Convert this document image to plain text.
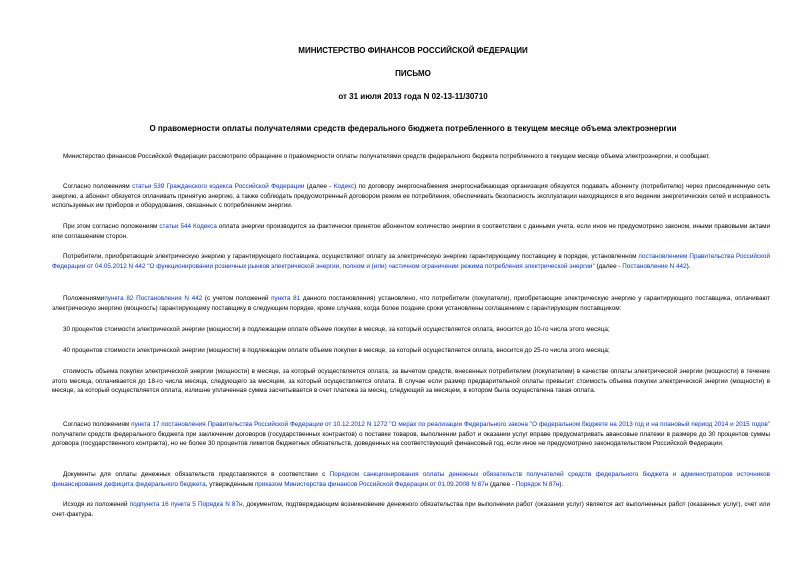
МИНИСТЕРСТВО ФИНАНСОВ РОССИЙСКОЙ ФЕДЕРАЦИИ
ПИСЬМО
от 31 июля 2013 года N 02-13-11/30710
О правомерности оплаты получателями средств федерального бюджета потребленного в текущем месяце объема электроэнергии

Министерство финансов Российской Федерации рассмотрело обращение о правомерности оплаты получателями средств федерального бюджета потребленного в текущем месяце объема электроэнергии, и сообщает.

Согласно положениям статьи 539 Гражданского кодекса Российской Федерации (далее - Кодекс) по договору энергоснабжения энергоснабжающая организация обязуется подавать абоненту (потребителю) через присоединенную сеть энергию, а абонент обязуется оплачивать принятую энергию, а также соблюдать предусмотренный договором режим ее потребления, обеспечивать безопасность эксплуатации находящихся в его ведении энергетических сетей и исправность используемых им приборов и оборудования, связанных с потреблением энергии.

При этом согласно положениям статьи 544 Кодекса оплата энергии производится за фактически принятое абонентом количество энергии в соответствии с данными учета, если иное не предусмотрено законом, иными правовыми актами или соглашением сторон.

Потребители, приобретающие электрическую энергию у гарантирующего поставщика, осуществляют оплату за электрическую энергию гарантирующему поставщику в порядке, установленном постановлением Правительства Российской Федерации от 04.05.2012 N 442 "О функционировании розничных рынков электрической энергии, полном и (или) частичном ограничении режима потребления электрической энергии" (далее - Постановление N 442).

Положениямипункта 82 Постановления N 442 (с учетом положений пункта 81 данного постановления) установлено, что потребители (покупатели), приобретающие электрическую энергию у гарантирующего поставщика, оплачивают электрическую энергию (мощность) гарантирующему поставщику в следующем порядке, кроме случаев, когда более поздние сроки установлены соглашением с гарантирующим поставщиком:

30 процентов стоимости электрической энергии (мощности) в подлежащем оплате объеме покупки в месяце, за который осуществляется оплата, вносится до 10-го числа этого месяца;

40 процентов стоимости электрической энергии (мощности) в подлежащем оплате объеме покупки в месяце, за который осуществляется оплата, вносится до 25-го числа этого месяца;

стоимость объема покупки электрической энергии (мощности) в месяце, за который осуществляется оплата, за вычетом средств, внесенных потребителем (покупателем) в качестве оплаты электрической энергии (мощности) в течение этого месяца, оплачивается до 18-го числа месяца, следующего за месяцем, за который осуществляется оплата. В случае если размер предварительной оплаты превысит стоимость объема покупки электрической энергии (мощности) в месяце, за который осуществляется оплата, излишне уплаченная сумма засчитывается в счет платежа за месяц, следующий за месяцем, в котором была осуществлена такая оплата.

Согласно положениям пункта 17 постановления Правительства Российской Федерации от 10.12.2012 N 1272 "О мерах по реализации Федерального закона "О федеральном бюджете на 2013 год и на плановый период 2014 и 2015 годов" получатели средств федерального бюджета при заключении договоров (государственных контрактов) о поставке товаров, выполнении работ и оказании услуг вправе предусматривать авансовые платежи в размере до 30 процентов суммы договора (государственного контракта), но не более 30 процентов лимитов бюджетных обязательств, доведенных на соответствующий финансовый год, если иное не предусмотрено законодательством Российской Федерации.

Документы для оплаты денежных обязательств представляются в соответствии с Порядком санкционирования оплаты денежных обязательств получателей средств федерального бюджета и администраторов источников финансирования дефицита федерального бюджета, утвержденным приказом Министерства финансов Российской Федерации от 01.09.2008 N 87н (далее - Порядок N 87н).

Исходя из положений подпункта 16 пункта 5 Порядка N 87н, документом, подтверждающим возникновение денежного обязательства при выполнении работ (оказании услуг) является акт выполненных работ (оказанных услуг), счет или счет-фактура.
